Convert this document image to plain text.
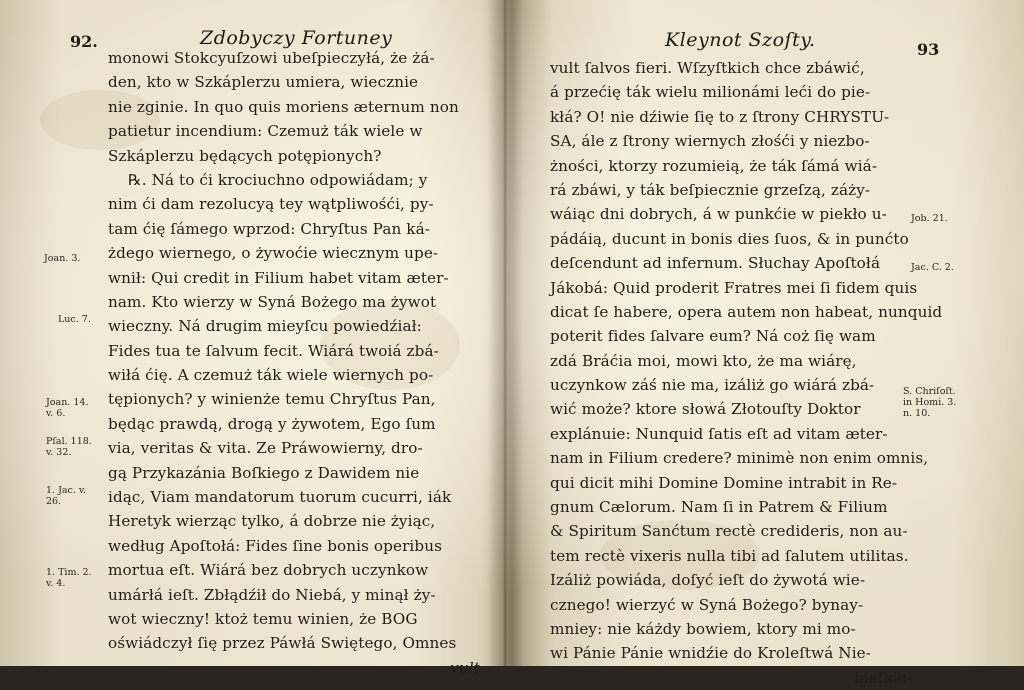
92.	Zdobyczy Fortuney
monowi Stokcyuſzowi ubeſpieczyłá, że żá-
den, kto w Szkáplerzu umiera, wiecznie
nie zginie. In quo quis moriens æternum non
patietur incendium: Czemuż ták wiele w
Szkáplerzu będących potępionych?
℞. Ná to ći krociuchno odpowiádam; y
nim ći dam rezolucyą tey wątpliwośći, py-
tam ćię ſámego wprzod: Chryſtus Pan ká-
żdego wiernego, o żywoćie wiecznym upe-
wnił: Qui credit in Filium habet vitam æter-
nam. Kto wierzy w Syná Bożego ma żywot
wieczny. Ná drugim mieyſcu powiedźiał:
Fides tua te ſalvum fecit. Wiárá twoiá zbá-
wiłá ćię. A czemuż ták wiele wiernych po-
tępionych? y winienże temu Chryſtus Pan,
będąc prawdą, drogą y żywotem, Ego ſum
via, veritas & vita. Ze Práwowierny, dro-
gą Przykazánia Boſkiego z Dawidem nie
idąc, Viam mandatorum tuorum cucurri, iák
Heretyk wierząc tylko, á dobrze nie żyiąc,
według Apoſtołá: Fides ſine bonis operibus
mortua eſt. Wiárá bez dobrych uczynkow
umárłá ieſt. Zbłądźił do Niebá, y minął ży-
wot wieczny! ktoż temu winien, że BOG
oświádczył ſię przez Páwłá Swiętego, Omnes
vult
Joan. 3.
Luc. 7.
Joan. 14. v. 6.
Pſal. 118. v. 32.
1. Jac. v. 26.
1. Tim. 2. v. 4.
Kleynot Szoſty.	93
vult ſalvos fieri. Wſzyſtkich chce zbáwić,
á przećię ták wielu milionámi leći do pie-
kłá? O! nie dźiwie ſię to z ſtrony CHRYSTU-
SA, ále z ſtrony wiernych złośći y niezbo-
żności, ktorzy rozumieią, że ták ſámá wiá-
rá zbáwi, y ták beſpiecznie grzeſzą, záży-
wáiąc dni dobrych, á w punkćie w piekło u-
pádáią, ducunt in bonis dies ſuos, & in punćto
deſcendunt ad infernum. Słuchay Apoſtołá
Jákobá: Quid proderit Fratres mei ſi fidem quis
dicat ſe habere, opera autem non habeat, nunquid
poterit fides ſalvare eum? Ná coż ſię wam
zdá Bráćia moi, mowi kto, że ma wiárę,
uczynkow záś nie ma, izáliż go wiárá zbá-
wić może? ktore słowá Złotouſty Doktor
explánuie: Nunquid ſatis eſt ad vitam æter-
nam in Filium credere? minimè non enim omnis,
qui dicit mihi Domine Domine intrabit in Re-
gnum Cælorum. Nam ſi in Patrem & Filium
& Spiritum Sanćtum rectè credideris, non au-
tem rectè vixeris nulla tibi ad ſalutem utilitas.
Izáliż powiáda, doſyć ieſt do żywotá wie-
cznego! wierzyć w Syná Bożego? bynay-
mniey: nie káżdy bowiem, ktory mi mo-
wi Pánie Pánie wnidźie do Kroleſtwá Nie-
bieſkie-
Job. 21.
Jac. C. 2.
S. Chriſoſt. in Homi. 3. n. 10.
